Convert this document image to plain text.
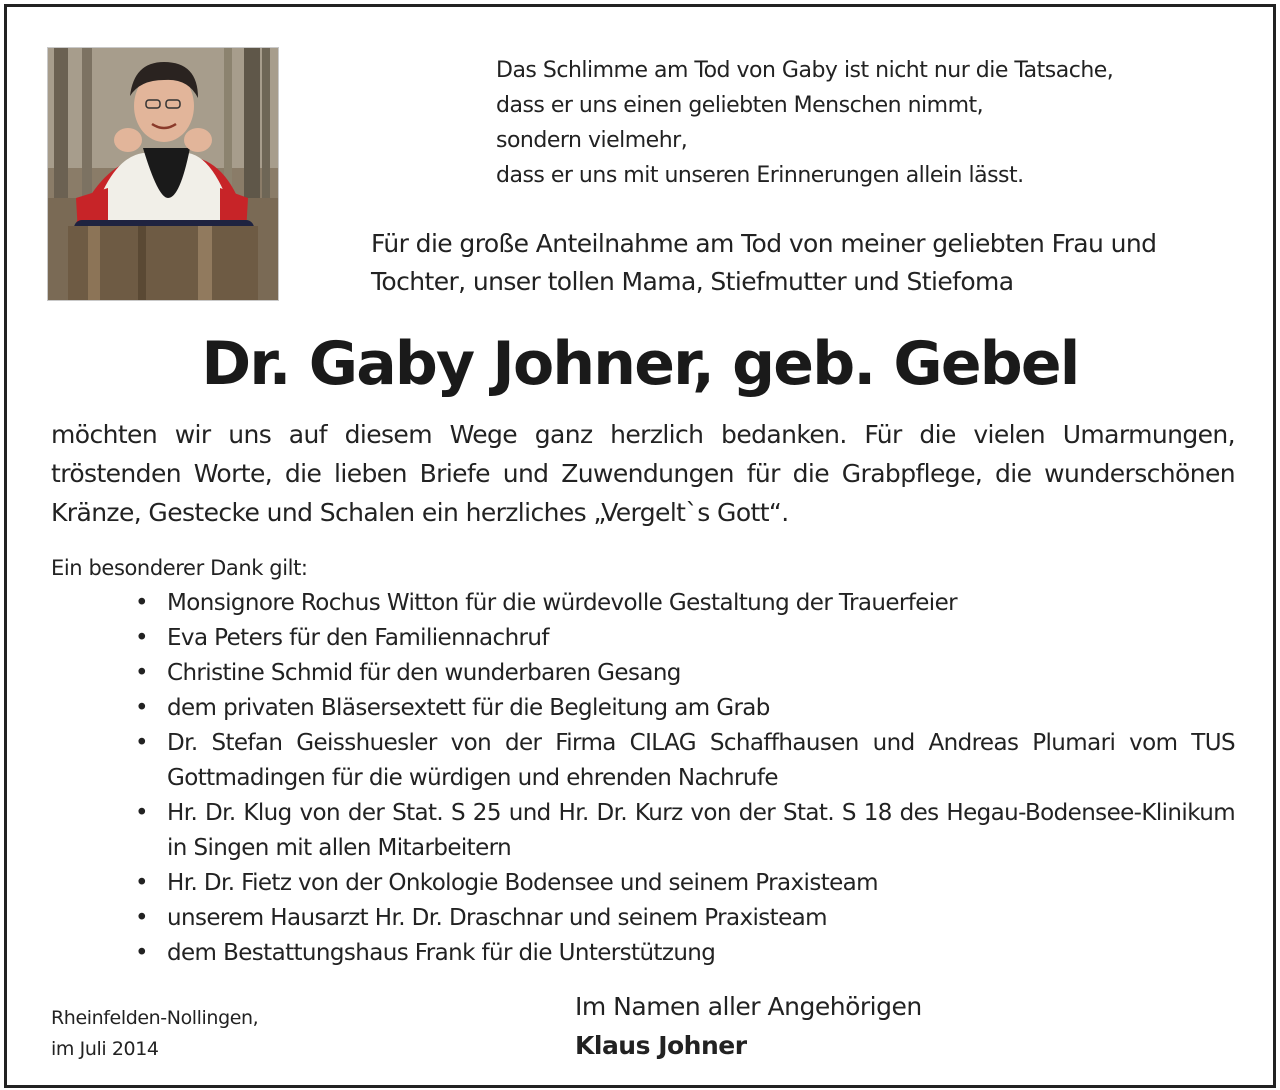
Das Schlimme am Tod von Gaby ist nicht nur die Tatsache,
dass er uns einen geliebten Menschen nimmt,
sondern vielmehr,
dass er uns mit unseren Erinnerungen allein lässt.
Für die große Anteilnahme am Tod von meiner geliebten Frau und
Tochter, unser tollen Mama, Stiefmutter und Stiefoma
Dr. Gaby Johner, geb. Gebel
möchten wir uns auf diesem Wege ganz herzlich bedanken. Für die vielen Umarmungen, tröstenden Worte, die lieben Briefe und Zuwendungen für die Grabpflege, die wunderschönen Kränze, Gestecke und Schalen ein herzliches „Vergelt`s Gott“.
Ein besonderer Dank gilt:
• Monsignore Rochus Witton für die würdevolle Gestaltung der Trauerfeier
• Eva Peters für den Familiennachruf
• Christine Schmid für den wunderbaren Gesang
• dem privaten Bläsersextett für die Begleitung am Grab
• Dr. Stefan Geisshuesler von der Firma CILAG Schaffhausen und Andreas Plumari vom TUS Gottmadingen für die würdigen und ehrenden Nachrufe
• Hr. Dr. Klug von der Stat. S 25 und Hr. Dr. Kurz von der Stat. S 18 des Hegau-Bodensee-Klinikum in Singen mit allen Mitarbeitern
• Hr. Dr. Fietz von der Onkologie Bodensee und seinem Praxisteam
• unserem Hausarzt Hr. Dr. Draschnar und seinem Praxisteam
• dem Bestattungshaus Frank für die Unterstützung
Rheinfelden-Nollingen,
im Juli 2014
Im Namen aller Angehörigen
Klaus Johner
